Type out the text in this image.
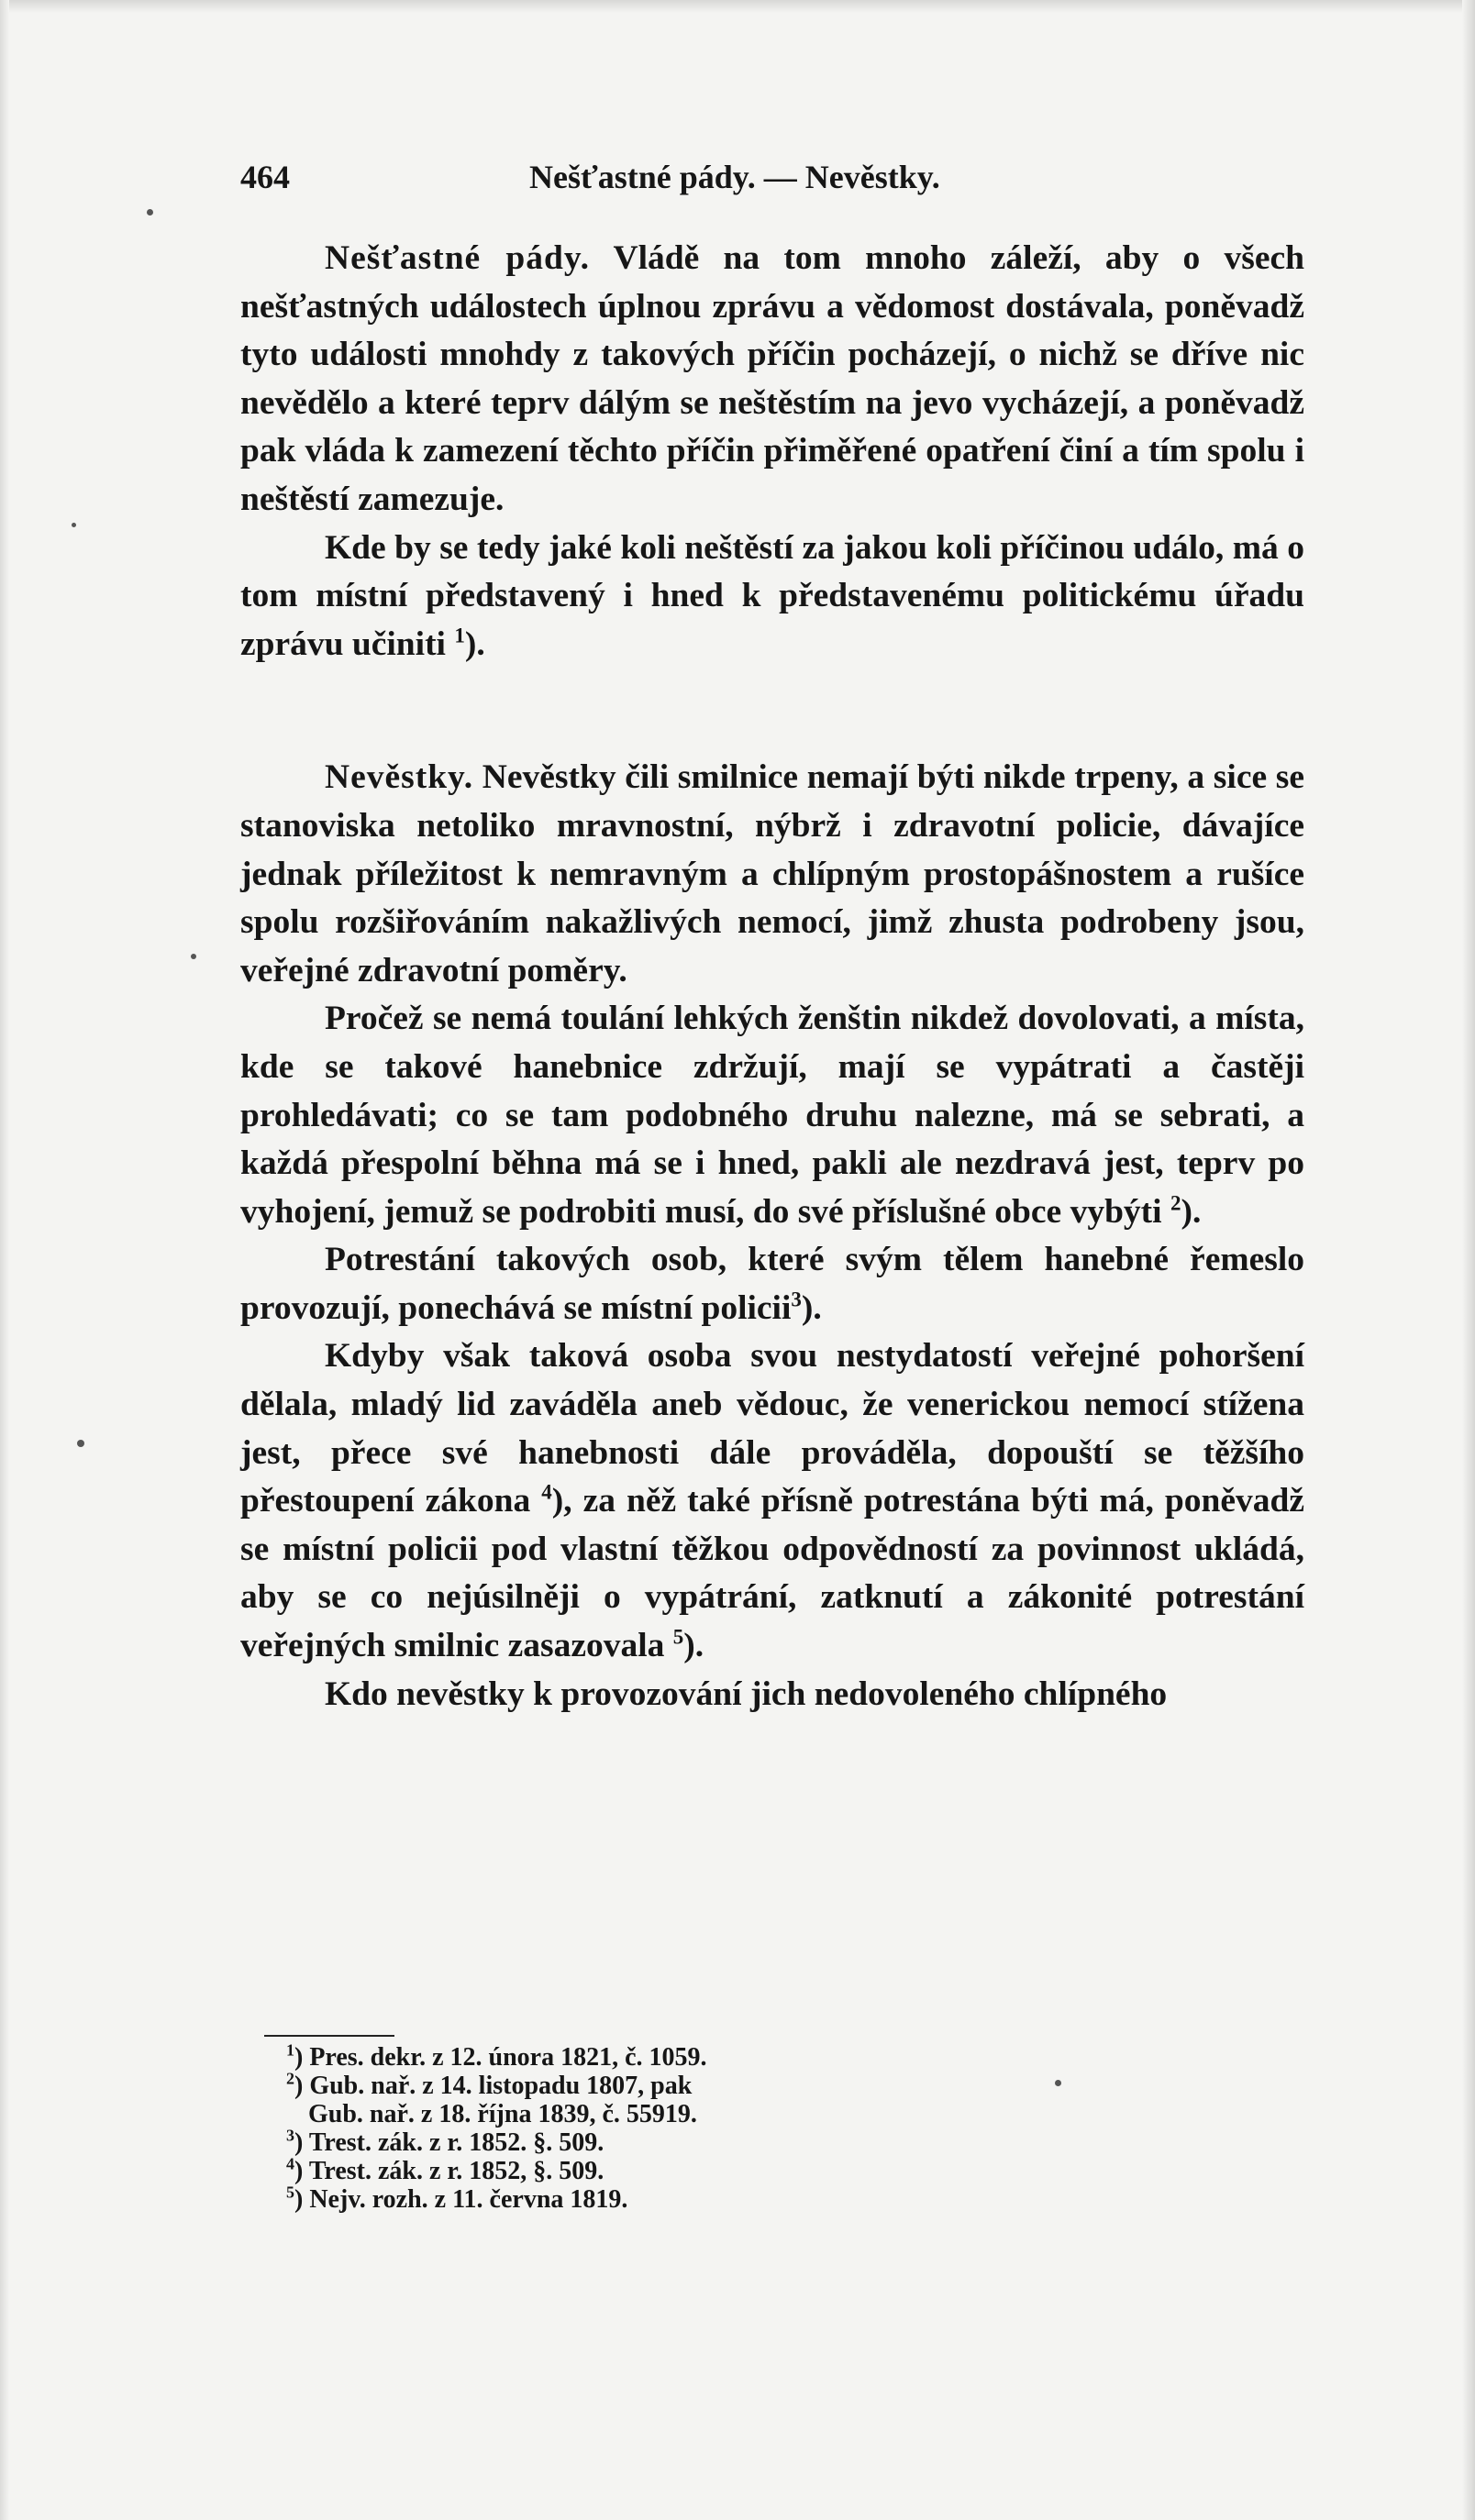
464	Nešťastné pády. — Nevěstky.

Nešťastné pády. Vládě na tom mnoho záleží, aby o všech nešťastných událostech úplnou zprávu a vědomost dostávala, poněvadž tyto události mnohdy z takových příčin pocházejí, o nichž se dříve nic nevědělo a které teprv dálým se neštěstím na jevo vycházejí, a poněvadž pak vláda k zamezení těchto příčin přiměřené opatření činí a tím spolu i neštěstí zamezuje.

Kde by se tedy jaké koli neštěstí za jakou koli příčinou událo, má o tom místní představený i hned k představenému politickému úřadu zprávu učiniti $^1$).

Nevěstky. Nevěstky čili smilnice nemají býti nikde trpeny, a sice se stanoviska netoliko mravnostní, nýbrž i zdravotní policie, dávajíce jednak příležitost k nemravným a chlípným prostopášnostem a rušíce spolu rozšiřováním nakažlivých nemocí, jimž zhusta podrobeny jsou, veřejné zdravotní poměry.

Pročež se nemá toulání lehkých ženštin nikdež dovolovati, a místa, kde se takové hanebnice zdržují, mají se vypátrati a častěji prohledávati; co se tam podobného druhu nalezne, má se sebrati, a každá přespolní běhna má se i hned, pakli ale nezdravá jest, teprv po vyhojení, jemuž se podrobiti musí, do své příslušné obce vybýti $^2$).

Potrestání takových osob, které svým tělem hanebné řemeslo provozují, ponechává se místní policii$^3$).

Kdyby však taková osoba svou nestydatostí veřejné pohoršení dělala, mladý lid zaváděla aneb vědouc, že venerickou nemocí stížena jest, přece své hanebnosti dále prováděla, dopouští se těžšího přestoupení zákona $^4$), za něž také přísně potrestána býti má, poněvadž se místní policii pod vlastní těžkou odpovědností za povinnost ukládá, aby se co nejúsilněji o vypátrání, zatknutí a zákonité potrestání veřejných smilnic zasazovala $^5$).

Kdo nevěstky k provozování jich nedovoleného chlípného

$^1$) Pres. dekr. z 12. února 1821, č. 1059.
$^2$) Gub. nař. z 14. listopadu 1807, pak
Gub. nař. z 18. října 1839, č. 55919.
$^3$) Trest. zák. z r. 1852. §. 509.
$^4$) Trest. zák. z r. 1852, §. 509.
$^5$) Nejv. rozh. z 11. června 1819.
